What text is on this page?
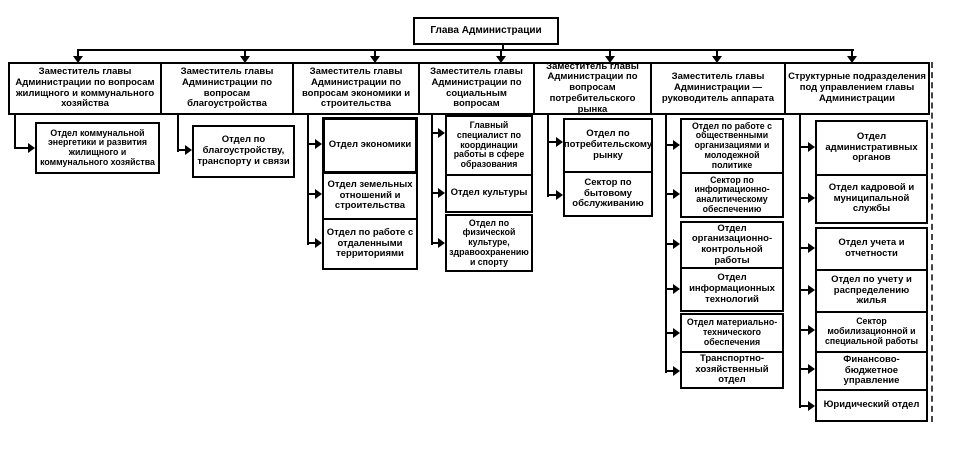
Глава Администрации
Заместитель главы Администрации по вопросам жилищного и коммунального хозяйства
Заместитель главы Администрации по вопросам благоустройства
Заместитель главы Администрации по вопросам экономики и строительства
Заместитель главы Администрации по социальным вопросам
Заместитель главы Администрации по вопросам потребительского рынка
Заместитель главы Администрации — руководитель аппарата
Структурные подразделения под управлением главы Администрации
Отдел коммунальной энергетики и развития жилищного и коммунального хозяйства
Отдел по благоустройству, транспорту и связи
Отдел экономики
Отдел земельных отношений и строительства
Отдел по работе с отдаленными территориями
Главный специалист по координации работы в сфере образования
Отдел культуры
Отдел по физической культуре, здравоохранению и спорту
Отдел по потребительскому рынку
Сектор по бытовому обслуживанию
Отдел по работе с общественными организациями и молодежной политике
Сектор по информационно-аналитическому обеспечению
Отдел организационно-контрольной работы
Отдел информационных технологий
Отдел материально-технического обеспечения
Транспортно-хозяйственный отдел
Отдел административных органов
Отдел кадровой и муниципальной службы
Отдел учета и отчетности
Отдел по учету и распределению жилья
Сектор мобилизационной и специальной работы
Финансово-бюджетное управление
Юридический отдел
